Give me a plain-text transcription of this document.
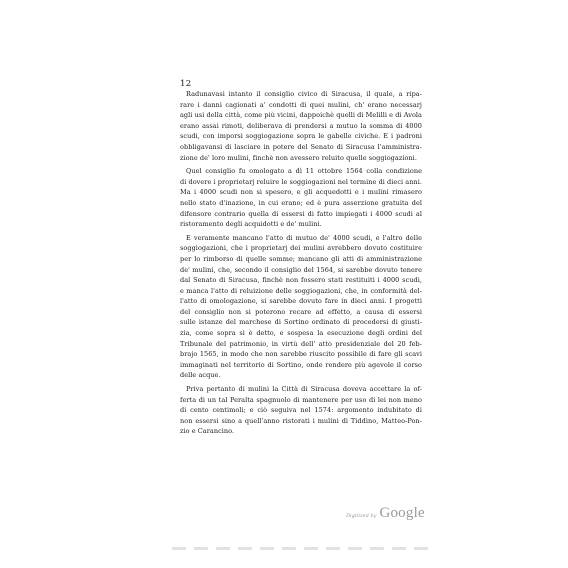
12
Radunavasi intanto il consiglio civico di Siracusa, il quale, a ripa-
rare i danni cagionati a' condotti di quei mulini, ch' erano necessarj
agli usi della città, come più vicini, dappoichè quelli di Melilli e di Avola
erano assai rimoti, deliberava di prendersi a mutuo la somma di 4000
scudi, con imporsi soggiogazione sopra le gabelle civiche. E i padroni
obbligavansi di lasciare in potere del Senato di Siracusa l'amministra-
zione de' loro mulini, finchè non avessero reluito quelle soggiogazioni.
Quel consiglio fu omologato a dì 11 ottobre 1564 colla condizione
di dovere i proprietarj reluire le soggiogazioni nel termine di dieci anni.
Ma i 4000 scudi non si spesero, e gli acquedotti e i mulini rimasero
nello stato d'inazione, in cui erano; ed è pura asserzione gratuita del
difensore contrario quella di essersi di fatto impiegati i 4000 scudi al
ristoramento degli acquidotti e de' mulini.
E veramente mancano l'atto di mutuo de' 4000 scudi, e l'altro delle
soggiogazioni, che i proprietarj dei mulini avrebbero dovuto costituire
per lo rimborso di quelle somme; mancano gli atti di amministrazione
de' mulini, che, secondo il consiglio del 1564, si sarebbe dovuto tenere
dal Senato di Siracusa, finchè non fossero stati restituiti i 4000 scudi,
e manca l'atto di reluizione delle soggiogazioni, che, in conformità del-
l'atto di omologazione, si sarebbe dovuto fare in dieci anni. I progetti
del consiglio non si poterono recare ad effetto, a causa di essersi
sulle istanze del marchese di Sortino ordinato di procedersi di giusti-
zia, come sopra si è detto, e sospesa la esecuzione degli ordini del
Tribunale del patrimonio, in virtù dell' atto presidenziale del 20 feb-
brajo 1565, in modo che non sarebbe riuscito possibile di fare gli scavi
immaginati nel territorio di Sortino, onde rendere più agevole il corso
delle acque.
Priva pertanto di mulini la Città di Siracusa doveva accettare la of-
ferta di un tal Peralta spagnuolo di mantenere per uso di lei non meno
di cento centimoli; e ciò seguiva nel 1574: argomento indubitato di
non essersi sino a quell'anno ristorati i mulini di Tiddino, Matteo-Pon-
zio e Carancino.
Digitized by Google
